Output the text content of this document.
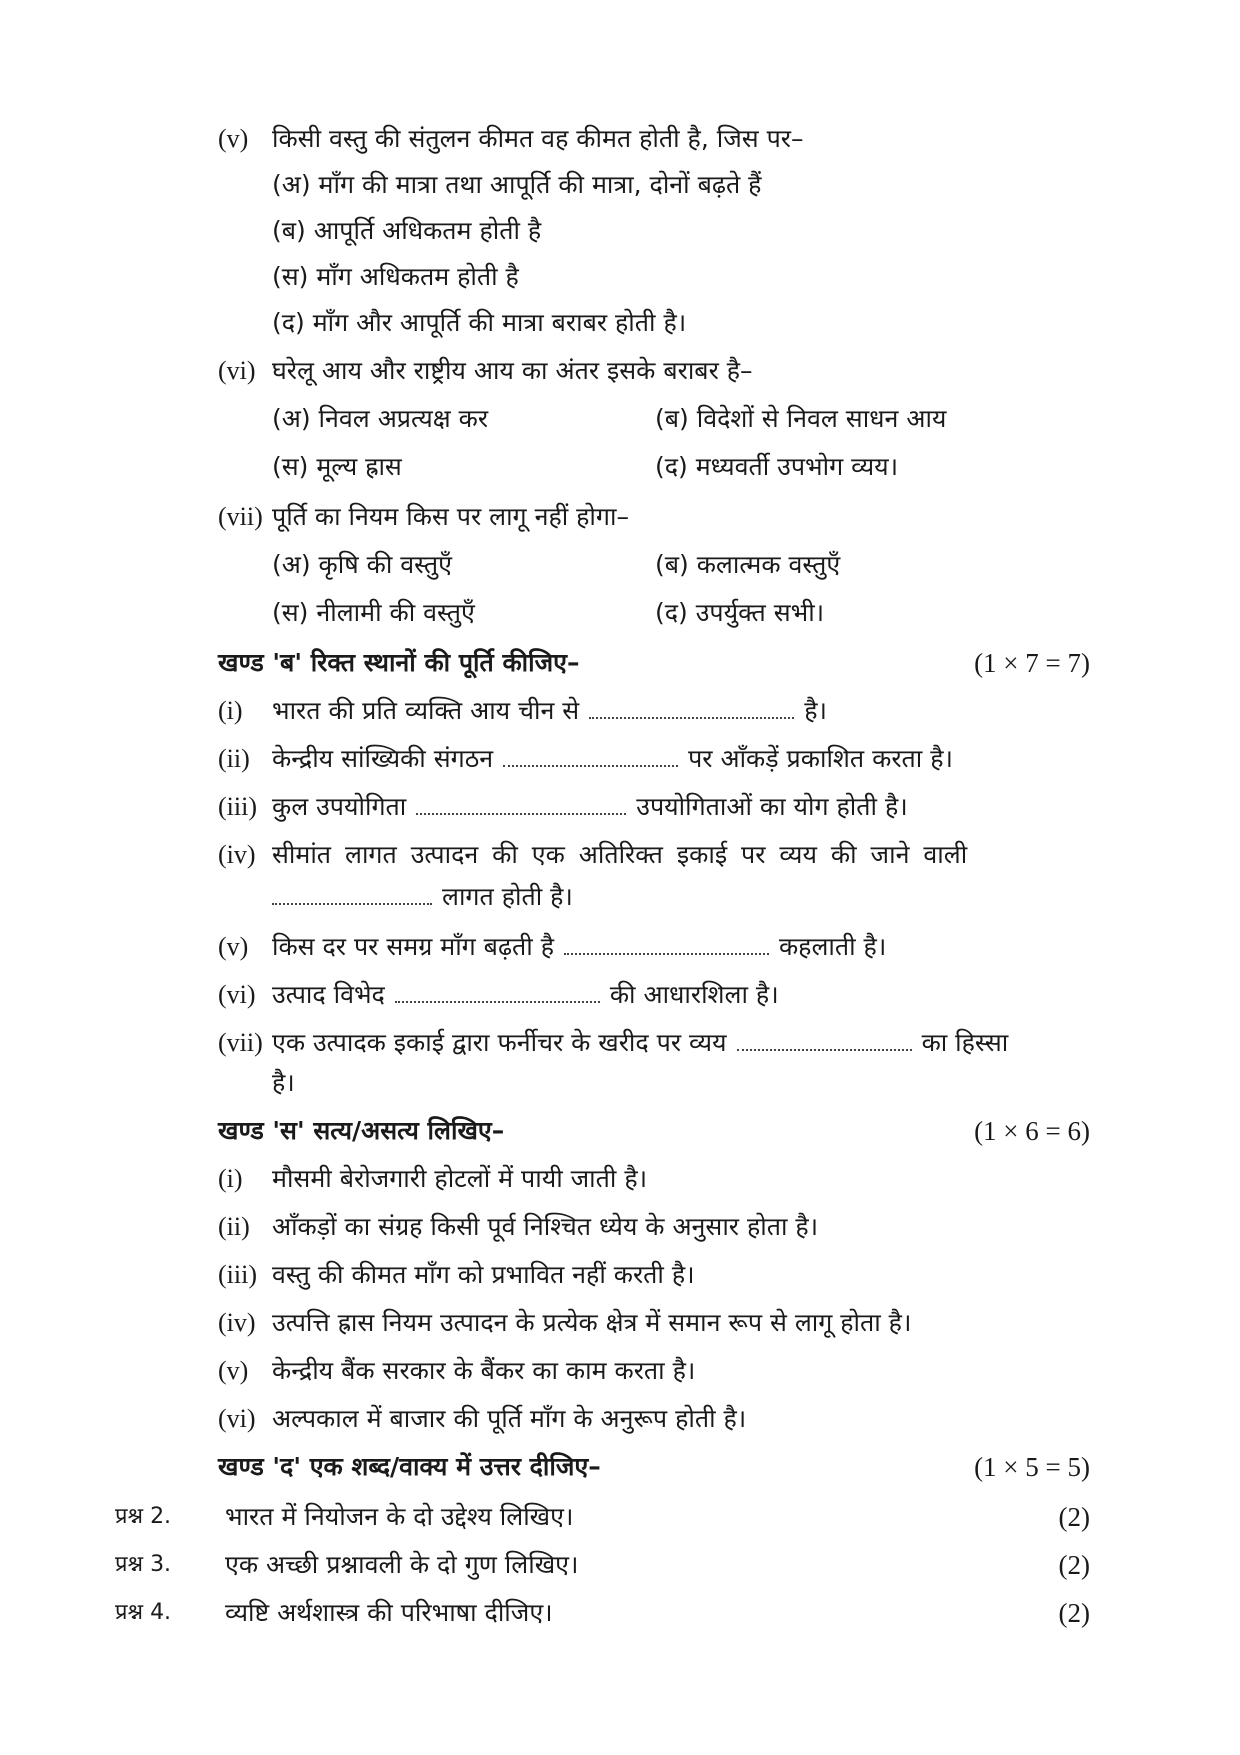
(v) किसी वस्तु की संतुलन कीमत वह कीमत होती है, जिस पर–
(अ) माँग की मात्रा तथा आपूर्ति की मात्रा, दोनों बढ़ते हैं
(ब) आपूर्ति अधिकतम होती है
(स) माँग अधिकतम होती है
(द) माँग और आपूर्ति की मात्रा बराबर होती है।
(vi) घरेलू आय और राष्ट्रीय आय का अंतर इसके बराबर है–
(अ) निवल अप्रत्यक्ष कर	(ब) विदेशों से निवल साधन आय
(स) मूल्य ह्रास	(द) मध्यवर्ती उपभोग व्यय।
(vii) पूर्ति का नियम किस पर लागू नहीं होगा–
(अ) कृषि की वस्तुएँ	(ब) कलात्मक वस्तुएँ
(स) नीलामी की वस्तुएँ	(द) उपर्युक्त सभी।
खण्ड 'ब' रिक्त स्थानों की पूर्ति कीजिए–	(1 × 7 = 7)
(i) भारत की प्रति व्यक्ति आय चीन से	है।
(ii) केन्द्रीय सांख्यिकी संगठन	पर आँकड़ें प्रकाशित करता है।
(iii) कुल उपयोगिता	उपयोगिताओं का योग होती है।
(iv) सीमांत लागत उत्पादन की एक अतिरिक्त इकाई पर व्यय की जाने वाली
लागत होती है।
(v) किस दर पर समग्र माँग बढ़ती है	कहलाती है।
(vi) उत्पाद विभेद	की आधारशिला है।
(vii) एक उत्पादक इकाई द्वारा फर्नीचर के खरीद पर व्यय	का हिस्सा
है।
खण्ड 'स' सत्य/असत्य लिखिए–	(1 × 6 = 6)
(i) मौसमी बेरोजगारी होटलों में पायी जाती है।
(ii) आँकड़ों का संग्रह किसी पूर्व निश्चित ध्येय के अनुसार होता है।
(iii) वस्तु की कीमत माँग को प्रभावित नहीं करती है।
(iv) उत्पत्ति ह्रास नियम उत्पादन के प्रत्येक क्षेत्र में समान रूप से लागू होता है।
(v) केन्द्रीय बैंक सरकार के बैंकर का काम करता है।
(vi) अल्पकाल में बाजार की पूर्ति माँग के अनुरूप होती है।
खण्ड 'द' एक शब्द/वाक्य में उत्तर दीजिए–	(1 × 5 = 5)
प्रश्न 2. भारत में नियोजन के दो उद्देश्य लिखिए।	(2)
प्रश्न 3. एक अच्छी प्रश्नावली के दो गुण लिखिए।	(2)
प्रश्न 4. व्यष्टि अर्थशास्त्र की परिभाषा दीजिए।	(2)
